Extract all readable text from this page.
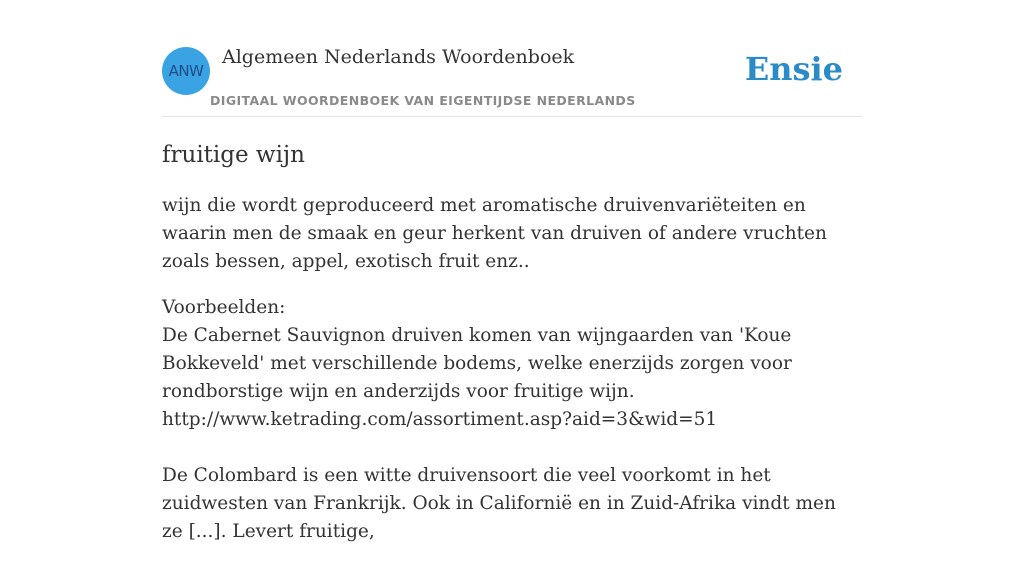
ANW
Algemeen Nederlands Woordenboek
DIGITAAL WOORDENBOEK VAN EIGENTIJDSE NEDERLANDS
Ensie
fruitige wijn

wijn die wordt geproduceerd met aromatische druivenvariëteiten en waarin men de smaak en geur herkent van druiven of andere vruchten zoals bessen, appel, exotisch fruit enz..

Voorbeelden:

De Cabernet Sauvignon druiven komen van wijngaarden van 'Koue Bokkeveld' met verschillende bodems, welke enerzijds zorgen voor rondborstige wijn en anderzijds voor fruitige wijn.

http://www.ketrading.com/assortiment.asp?aid=3&wid=51

De Colombard is een witte druivensoort die veel voorkomt in het zuidwesten van Frankrijk. Ook in Californië en in Zuid-Afrika vindt men ze [...]. Levert fruitige,
